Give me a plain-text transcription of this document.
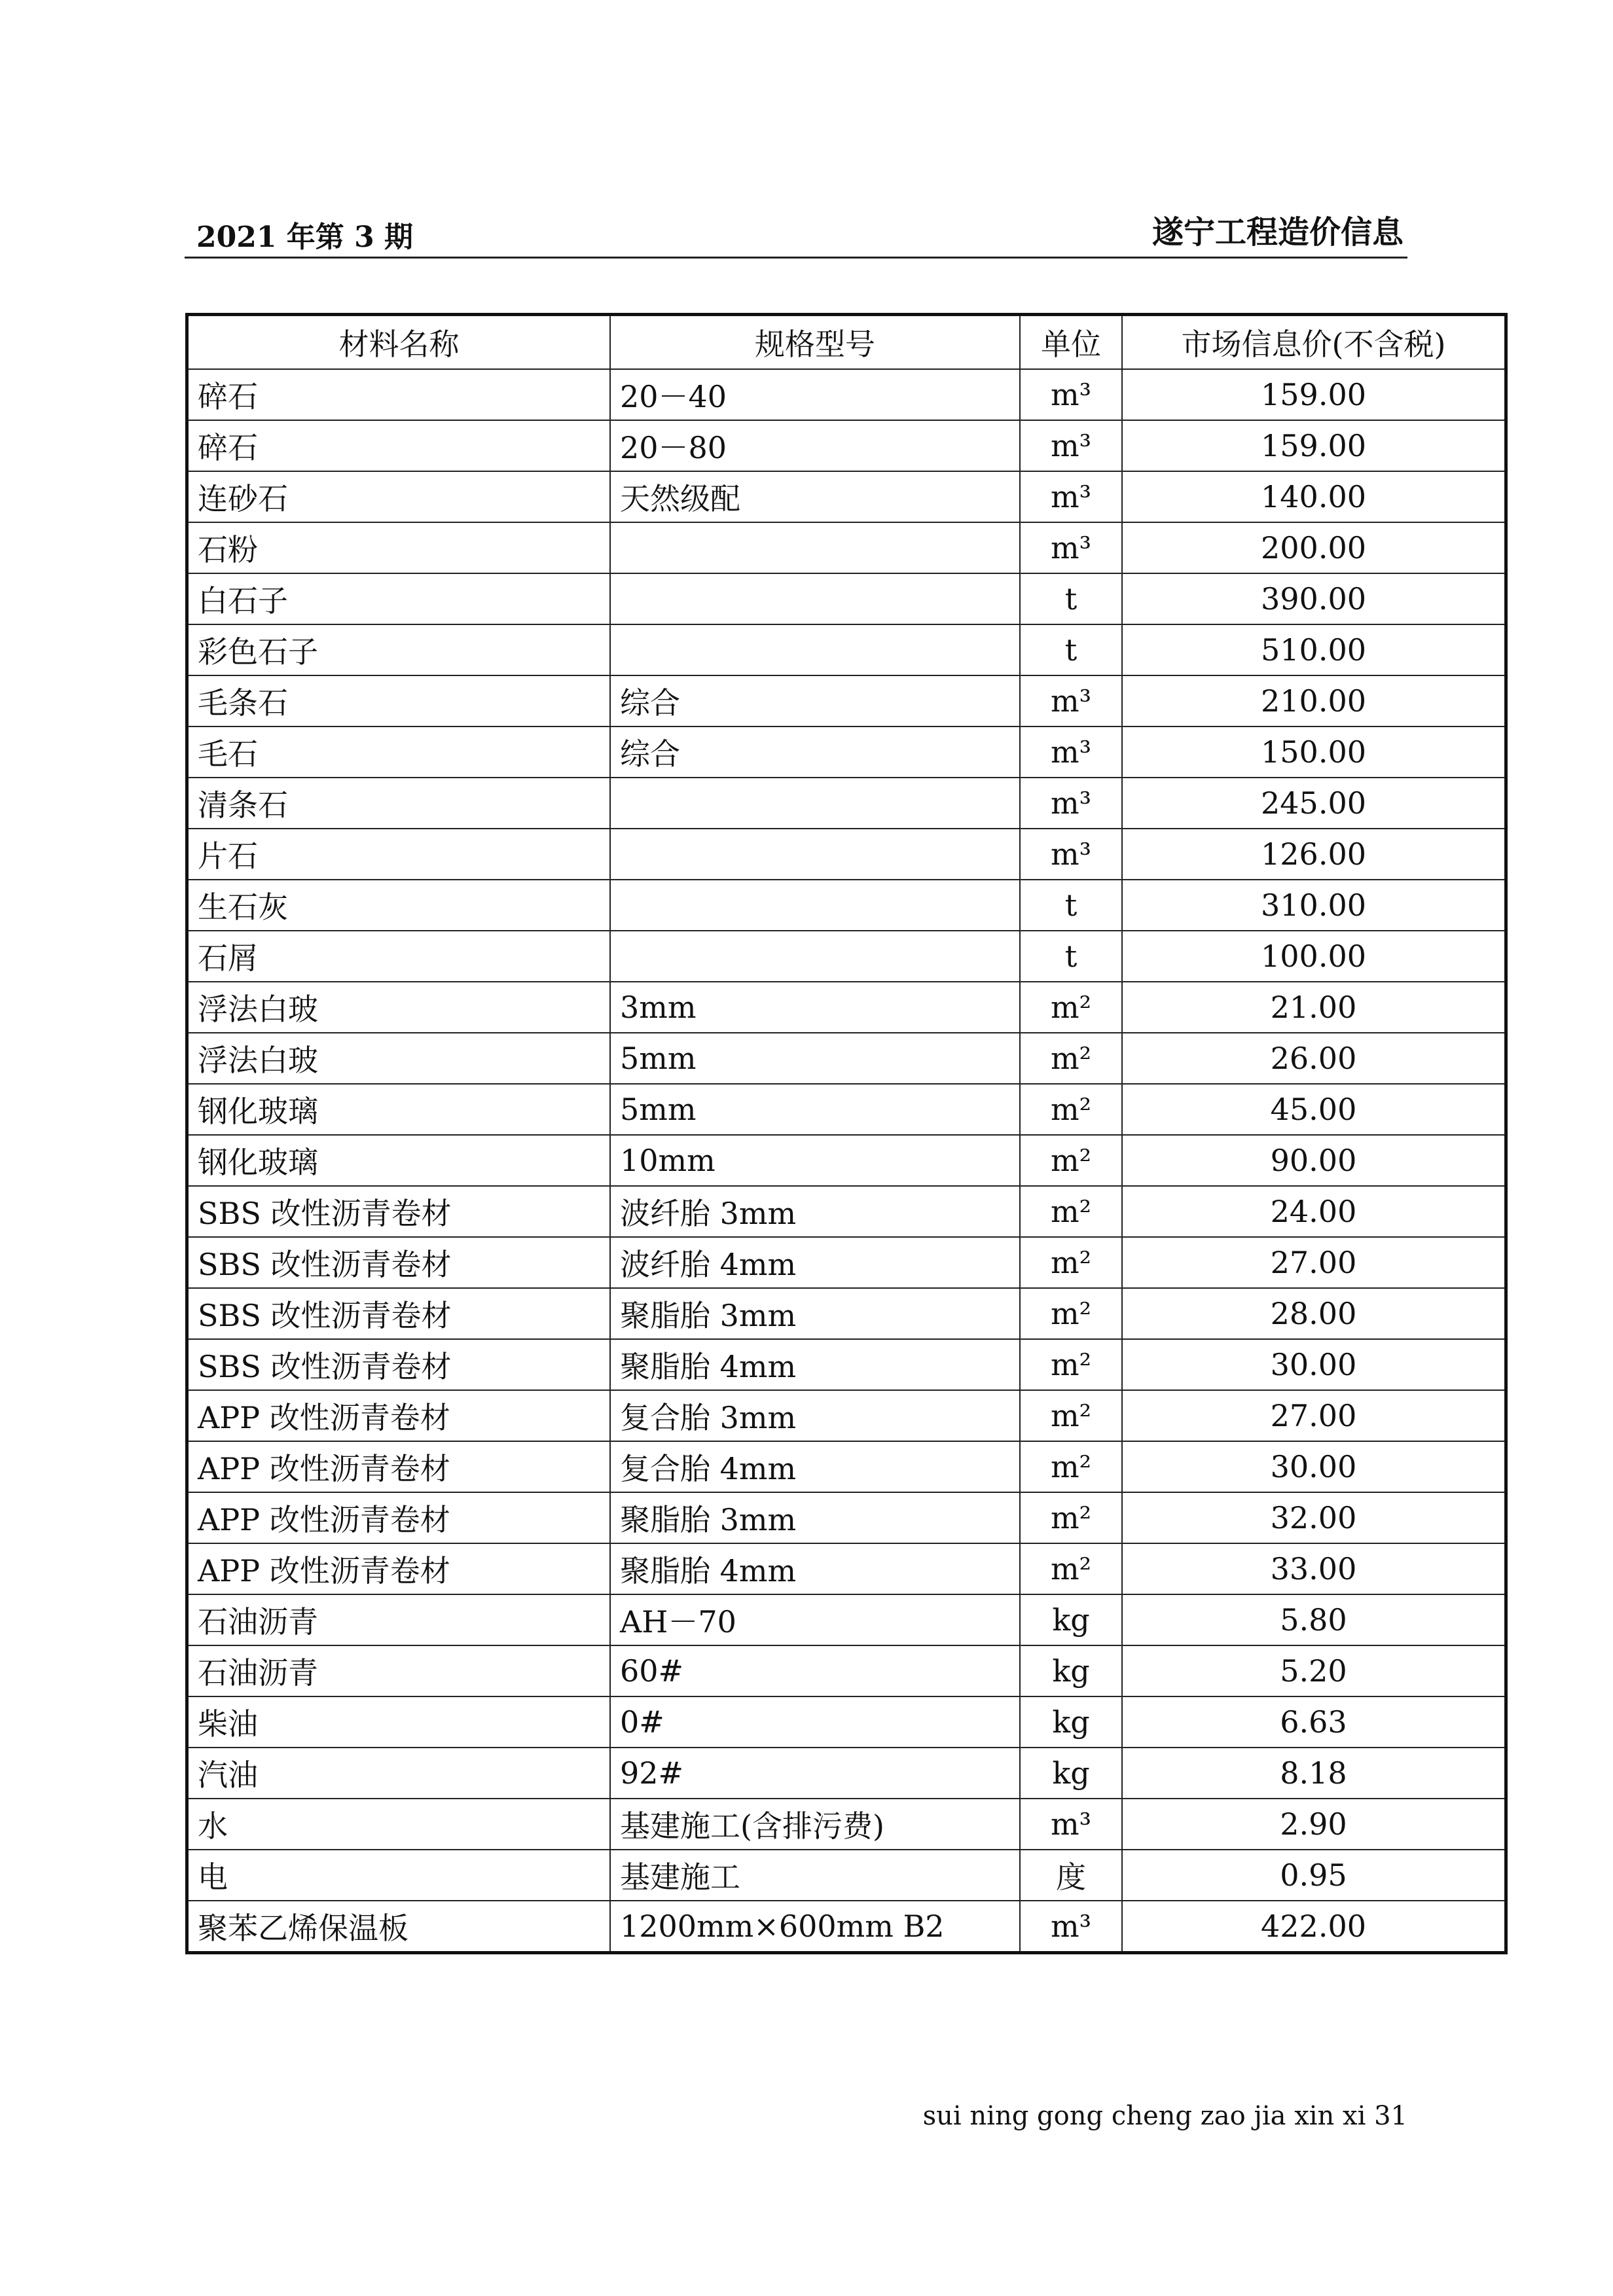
2021 年第 3 期	遂宁工程造价信息
材料名称	规格型号	单位	市场信息价(不含税)
碎石	20－40	m³	159.00
碎石	20－80	m³	159.00
连砂石	天然级配	m³	140.00
石粉		m³	200.00
白石子		t	390.00
彩色石子		t	510.00
毛条石	综合	m³	210.00
毛石	综合	m³	150.00
清条石		m³	245.00
片石		m³	126.00
生石灰		t	310.00
石屑		t	100.00
浮法白玻	3mm	m²	21.00
浮法白玻	5mm	m²	26.00
钢化玻璃	5mm	m²	45.00
钢化玻璃	10mm	m²	90.00
SBS 改性沥青卷材	波纤胎 3mm	m²	24.00
SBS 改性沥青卷材	波纤胎 4mm	m²	27.00
SBS 改性沥青卷材	聚脂胎 3mm	m²	28.00
SBS 改性沥青卷材	聚脂胎 4mm	m²	30.00
APP 改性沥青卷材	复合胎 3mm	m²	27.00
APP 改性沥青卷材	复合胎 4mm	m²	30.00
APP 改性沥青卷材	聚脂胎 3mm	m²	32.00
APP 改性沥青卷材	聚脂胎 4mm	m²	33.00
石油沥青	AH－70	kg	5.80
石油沥青	60#	kg	5.20
柴油	0#	kg	6.63
汽油	92#	kg	8.18
水	基建施工(含排污费)	m³	2.90
电	基建施工	度	0.95
聚苯乙烯保温板	1200mm×600mm B2	m³	422.00
sui ning gong cheng zao jia xin xi 31
